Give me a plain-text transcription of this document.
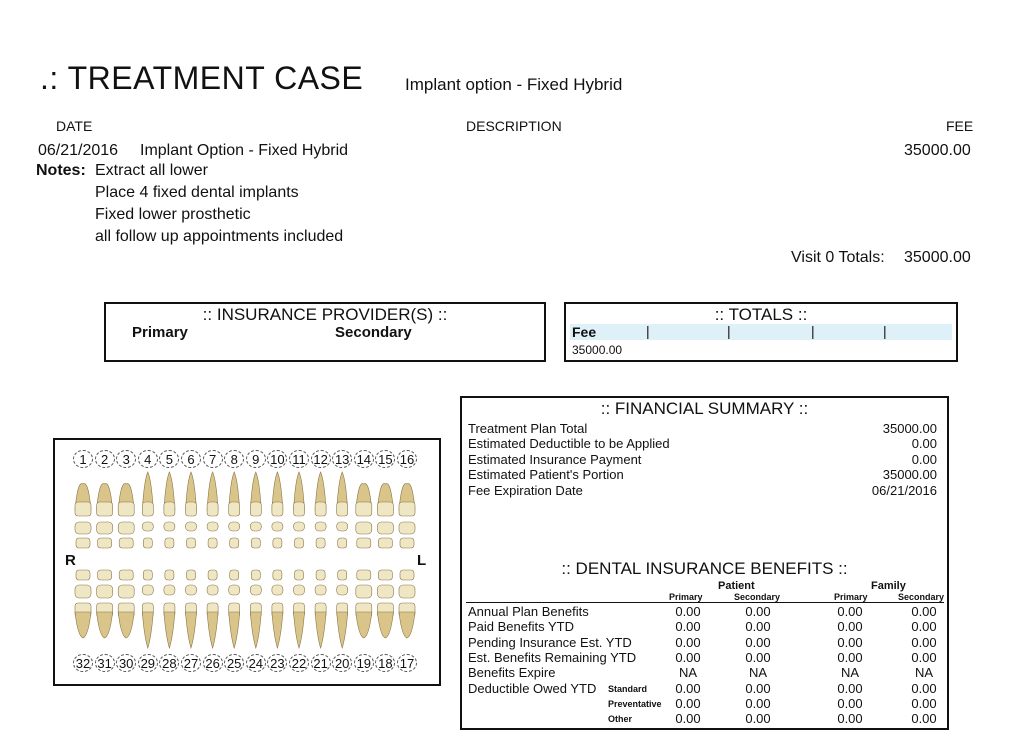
.: TREATMENT CASE Implant option - Fixed Hybrid
DATE	DESCRIPTION	FEE
06/21/2016 Implant Option - Fixed Hybrid	35000.00
Notes: Extract all lower
Place 4 fixed dental implants
Fixed lower prosthetic
all follow up appointments included
Visit 0 Totals: 35000.00
:: INSURANCE PROVIDER(S) ::
Primary	Secondary
:: TOTALS ::
Fee	|	|	|	|
35000.00
:: FINANCIAL SUMMARY ::
Treatment Plan Total	35000.00
Estimated Deductible to be Applied	0.00
Estimated Insurance Payment	0.00
Estimated Patient's Portion	35000.00
Fee Expiration Date	06/21/2016
:: DENTAL INSURANCE BENEFITS ::
Patient	Family
Primary	Secondary	Primary	Secondary
Annual Plan Benefits	0.00	0.00	0.00	0.00
Paid Benefits YTD	0.00	0.00	0.00	0.00
Pending Insurance Est. YTD	0.00	0.00	0.00	0.00
Est. Benefits Remaining YTD	0.00	0.00	0.00	0.00
Benefits Expire	NA	NA	NA	NA
Deductible Owed YTD Standard	0.00	0.00	0.00	0.00
Preventative	0.00	0.00	0.00	0.00
Other	0.00	0.00	0.00	0.00
R	L
1	2	3	4	5	6	7	8	9 10 11 12 13 14 15 16
32 31 30 29 28 27 26 25 24 23 22 21 20 19 18 17
